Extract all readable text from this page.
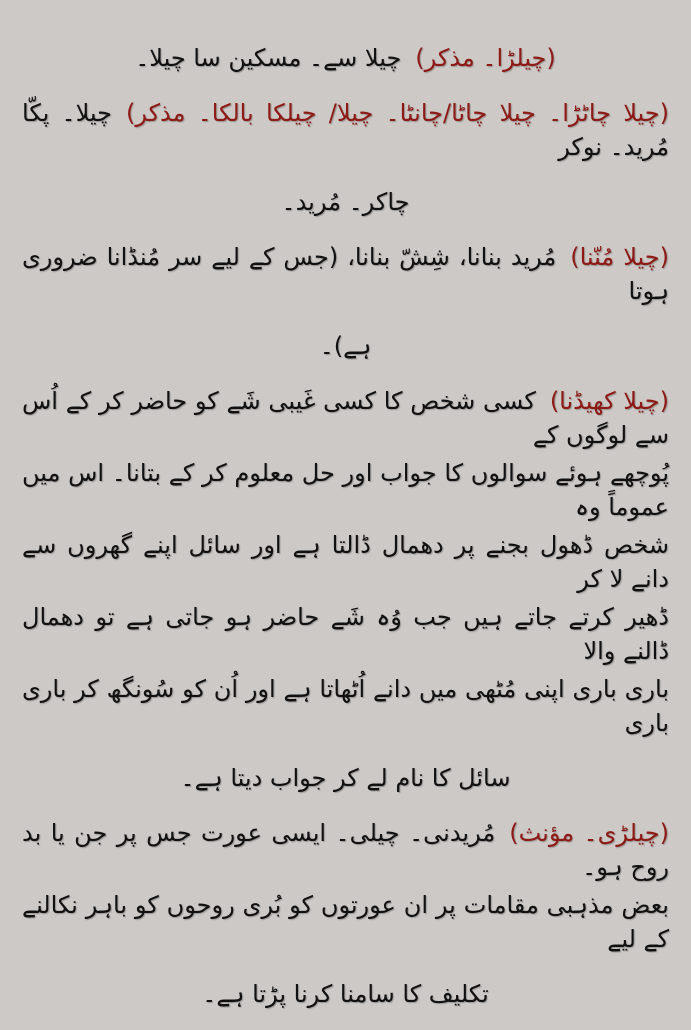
(چیلڑا۔ مذکر)چیلا سے۔ مسکین سا چیلا۔
(چیلا چاٹڑا۔ چیلا چاٹا/چانٹا۔ چیلا/ چیلکا بالکا۔ مذکر)چیلا۔ پکّا مُرید۔ نوکر
چاکر۔ مُرید۔
(چیلا مُنّنا)مُرید بنانا، شِشّ بنانا، (جس کے لیے سر مُنڈانا ضروری ہوتا
ہے)۔
(چیلا کھیڈنا)کسی شخص کا کسی غَیبی شَے کو حاضر کر کے اُس سے لوگوں کے
پُوچھے ہوئے سوالوں کا جواب اور حل معلوم کر کے بتانا۔ اس میں عموماً وہ
شخص ڈھول بجنے پر دھمال ڈالتا ہے اور سائل اپنے گھروں سے دانے لا کر
ڈھیر کرتے جاتے ہیں جب وُہ شَے حاضر ہو جاتی ہے تو دھمال ڈالنے والا
باری باری اپنی مُٹھی میں دانے اُٹھاتا ہے اور اُن کو سُونگھ کر باری باری
سائل کا نام لے کر جواب دیتا ہے۔
(چیلڑی۔ مؤنث)مُریدنی۔ چیلی۔ ایسی عورت جس پر جن یا بد روح ہو۔
بعض مذہبی مقامات پر ان عورتوں کو بُری روحوں کو باہر نکالنے کے لیے
تکلیف کا سامنا کرنا پڑتا ہے۔
